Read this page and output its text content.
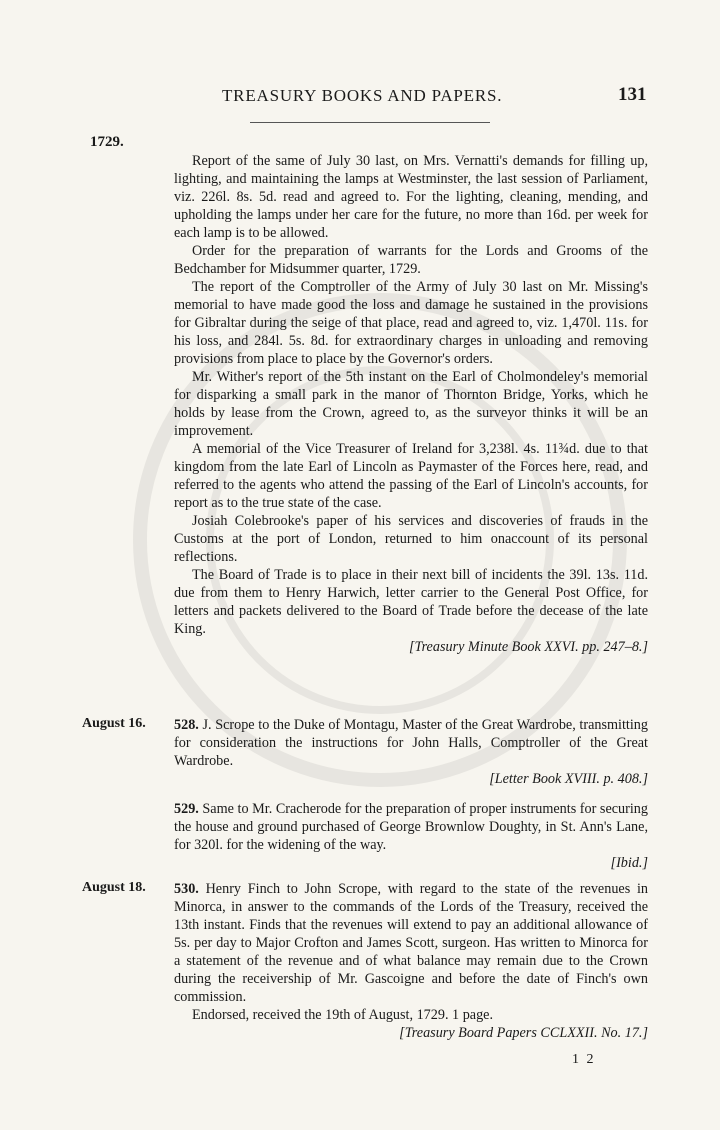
TREASURY BOOKS AND PAPERS.	131
1729.

Report of the same of July 30 last, on Mrs. Vernatti's demands for filling up, lighting, and maintaining the lamps at Westminster, the last session of Parliament, viz. 226l. 8s. 5d. read and agreed to. For the lighting, cleaning, mending, and upholding the lamps under her care for the future, no more than 16d. per week for each lamp is to be allowed.

Order for the preparation of warrants for the Lords and Grooms of the Bedchamber for Midsummer quarter, 1729.

The report of the Comptroller of the Army of July 30 last on Mr. Missing's memorial to have made good the loss and damage he sustained in the provisions for Gibraltar during the seige of that place, read and agreed to, viz. 1,470l. 11s. for his loss, and 284l. 5s. 8d. for extraordinary charges in unloading and removing provisions from place to place by the Governor's orders.

Mr. Wither's report of the 5th instant on the Earl of Cholmondeley's memorial for disparking a small park in the manor of Thornton Bridge, Yorks, which he holds by lease from the Crown, agreed to, as the surveyor thinks it will be an improvement.

A memorial of the Vice Treasurer of Ireland for 3,238l. 4s. 11¾d. due to that kingdom from the late Earl of Lincoln as Paymaster of the Forces here, read, and referred to the agents who attend the passing of the Earl of Lincoln's accounts, for report as to the true state of the case.

Josiah Colebrooke's paper of his services and discoveries of frauds in the Customs at the port of London, returned to him onaccount of its personal reflections.

The Board of Trade is to place in their next bill of incidents the 39l. 13s. 11d. due from them to Henry Harwich, letter carrier to the General Post Office, for letters and packets delivered to the Board of Trade before the decease of the late King.

[Treasury Minute Book XXVI. pp. 247–8.]

August 16. 528. J. Scrope to the Duke of Montagu, Master of the Great Wardrobe, transmitting for consideration the instructions for John Halls, Comptroller of the Great Wardrobe.

[Letter Book XVIII. p. 408.]

529. Same to Mr. Cracherode for the preparation of proper instruments for securing the house and ground purchased of George Brownlow Doughty, in St. Ann's Lane, for 320l. for the widening of the way.

[Ibid.]

August 18. 530. Henry Finch to John Scrope, with regard to the state of the revenues in Minorca, in answer to the commands of the Lords of the Treasury, received the 13th instant. Finds that the revenues will extend to pay an additional allowance of 5s. per day to Major Crofton and James Scott, surgeon. Has written to Minorca for a statement of the revenue and of what balance may remain due to the Crown during the receivership of Mr. Gascoigne and before the date of Finch's own commission.

Endorsed, received the 19th of August, 1729. 1 page.

[Treasury Board Papers CCLXXII. No. 17.]

1 2
